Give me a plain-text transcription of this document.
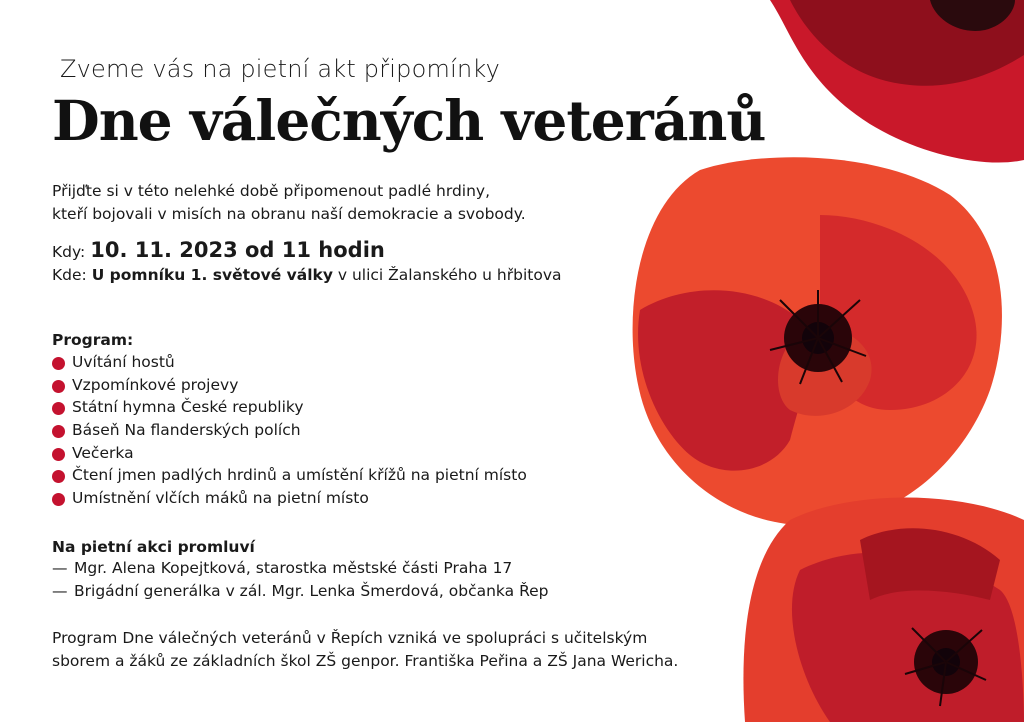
Zveme vás na pietní akt připomínky
Dne válečných veteránů
Přijďte si v této nelehké době připomenout padlé hrdiny,
kteří bojovali v misích na obranu naší demokracie a svobody.
Kdy: 10. 11. 2023 od 11 hodin
Kde: U pomníku 1. světové války v ulici Žalanského u hřbitova
Program:
Uvítání hostů
Vzpomínkové projevy
Státní hymna České republiky
Báseň Na flanderských polích
Večerka
Čtení jmen padlých hrdinů a umístění křížů na pietní místo
Umístnění vlčích máků na pietní místo
Na pietní akci promluví
— Mgr. Alena Kopejtková, starostka městské části Praha 17
— Brigádní generálka v zál. Mgr. Lenka Šmerdová, občanka Řep
Program Dne válečných veteránů v Řepích vzniká ve spolupráci s učitelským
sborem a žáků ze základních škol ZŠ genpor. Františka Peřina a ZŠ Jana Wericha.
